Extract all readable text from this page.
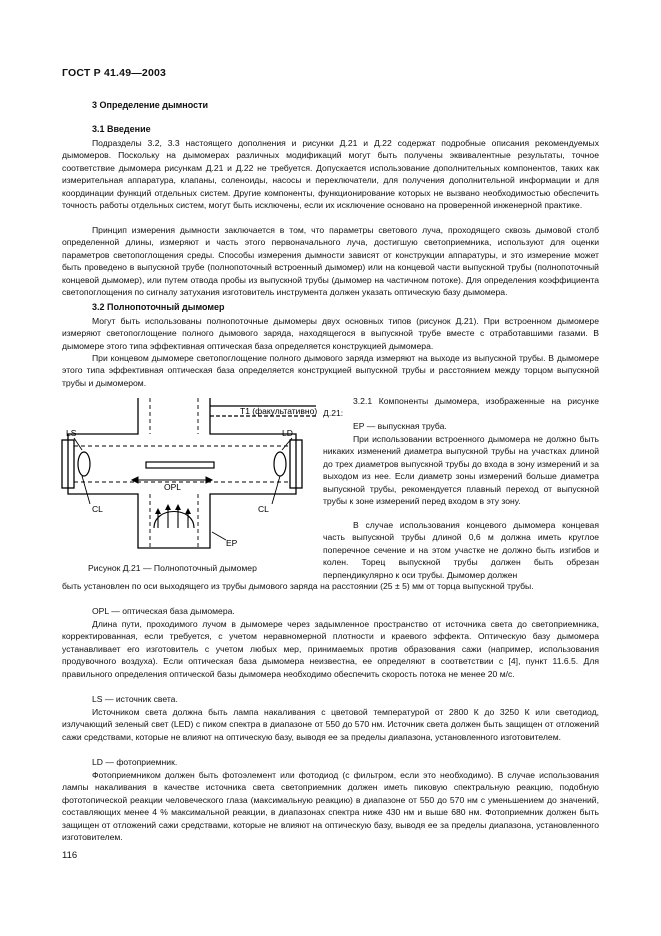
ГОСТ Р 41.49—2003
3 Определение дымности
3.1 Введение

Подразделы 3.2, 3.3 настоящего дополнения и рисунки Д.21 и Д.22 содержат подробные описания рекомендуемых дымомеров. Поскольку на дымомерах различных модификаций могут быть получены эквивалентные результаты, точное соответствие дымомера рисункам Д.21 и Д.22 не требуется. Допускается использование дополнительных компонентов, таких как измерительная аппаратура, клапаны, соленоиды, насосы и переключатели, для получения дополнительной информации и для координации функций отдельных систем. Другие компоненты, функционирование которых не вызвано необходимостью обеспечить точность работы отдельных систем, могут быть исключены, если их исключение основано на проверенной инженерной практике.

Принцип измерения дымности заключается в том, что параметры светового луча, проходящего сквозь дымовой столб определенной длины, измеряют и часть этого первоначального луча, достигшую светоприемника, используют для оценки параметров светопоглощения среды. Способы измерения дымности зависят от конструкции аппаратуры, и это измерение может быть проведено в выпускной трубе (полнопоточный встроенный дымомер) или на концевой части выпускной трубы (полнопоточный концевой дымомер), или путем отвода пробы из выпускной трубы (дымомер на частичном потоке). Для определения коэффициента светопоглощения по сигналу затухания изготовитель инструмента должен указать оптическую базу дымомера.

3.2 Полнопоточный дымомер

Могут быть использованы полнопоточные дымомеры двух основных типов (рисунок Д.21). При встроенном дымомере измеряют светопоглощение полного дымового заряда, находящегося в выпускной трубе вместе с отработавшими газами. В дымомере этого типа эффективная оптическая база определяется конструкцией дымомера.

При концевом дымомере светопоглощение полного дымового заряда измеряют на выходе из выпускной трубы. В дымомере этого типа эффективная оптическая база определяется конструкцией выпускной трубы и расстоянием между торцом выпускной трубы и дымомером.

T1 (факультативно)
LS	LD
CL	CL
OPL
EP

3.2.1 Компоненты дымомера, изображенные на рисунке Д.21:

EP — выпускная труба.

При использовании встроенного дымомера не должно быть никаких изменений диаметра выпускной трубы на участках длиной до трех диаметров выпускной трубы до входа в зону измерений и за выходом из нее. Если диаметр зоны измерений больше диаметра выпускной трубы, рекомендуется плавный переход от выпускной трубы к зоне измерений перед входом в эту зону.

В случае использования концевого дымомера концевая часть выпускной трубы длиной 0,6 м должна иметь круглое поперечное сечение и на этом участке не должно быть изгибов и колен. Торец выпускной трубы должен быть обрезан перпендикулярно к оси трубы. Дымомер должен

Рисунок Д.21 — Полнопоточный дымомер

быть установлен по оси выходящего из трубы дымового заряда на расстоянии (25 ± 5) мм от торца выпускной трубы.

OPL — оптическая база дымомера.

Длина пути, проходимого лучом в дымомере через задымленное пространство от источника света до светоприемника, корректированная, если требуется, с учетом неравномерной плотности и краевого эффекта. Оптическую базу дымомера устанавливает его изготовитель с учетом любых мер, принимаемых против образования сажи (например, использования продувочного воздуха). Если оптическая база дымомера неизвестна, ее определяют в соответствии с [4], пункт 11.6.5. Для правильного определения оптической базы дымомера необходимо обеспечить скорость потока не менее 20 м/с.

LS — источник света.

Источником света должна быть лампа накаливания с цветовой температурой от 2800 К до 3250 К или светодиод, излучающий зеленый свет (LED) с пиком спектра в диапазоне от 550 до 570 нм. Источник света должен быть защищен от отложений сажи средствами, которые не влияют на оптическую базу, выводя ее за пределы диапазона, установленного изготовителем.

LD — фотоприемник.

Фотоприемником должен быть фотоэлемент или фотодиод (с фильтром, если это необходимо). В случае использования лампы накаливания в качестве источника света светоприемник должен иметь пиковую спектральную реакцию, подобную фототопической реакции человеческого глаза (максимальную реакцию) в диапазоне от 550 до 570 нм с уменьшением до значений, составляющих менее 4 % максимальной реакции, в диапазонах спектра ниже 430 нм и выше 680 нм. Фотоприемник должен быть защищен от отложений сажи средствами, которые не влияют на оптическую базу, выводя ее за пределы диапазона, установленного изготовителем.

116
